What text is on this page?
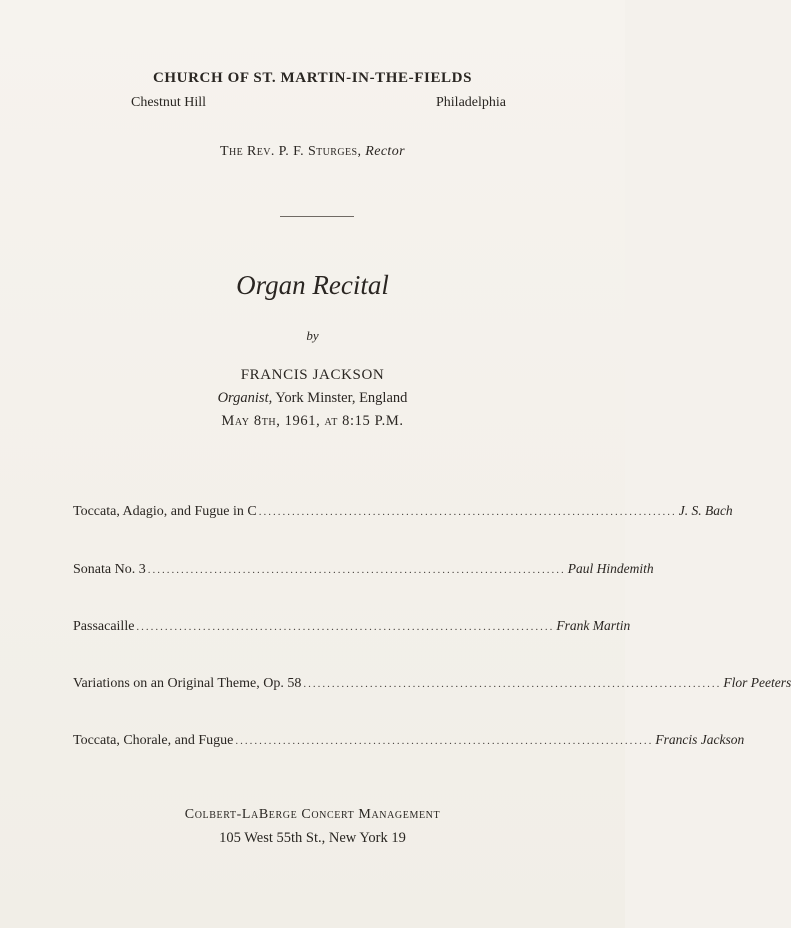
CHURCH OF ST. MARTIN-IN-THE-FIELDS
Chestnut Hill	Philadelphia
The Rev. P. F. Sturges, Rector
Organ Recital
by
FRANCIS JACKSON
Organist, York Minster, England
May 8th, 1961, at 8:15 P.M.
Toccata, Adagio, and Fugue in C ........................................................................................ J. S. Bach
Sonata No. 3 ........................................................................................ Paul Hindemith
Passacaille ........................................................................................ Frank Martin
Variations on an Original Theme, Op. 58 ........................................................................................ Flor Peeters
Toccata, Chorale, and Fugue ........................................................................................ Francis Jackson
Colbert-LaBerge Concert Management
105 West 55th St., New York 19
